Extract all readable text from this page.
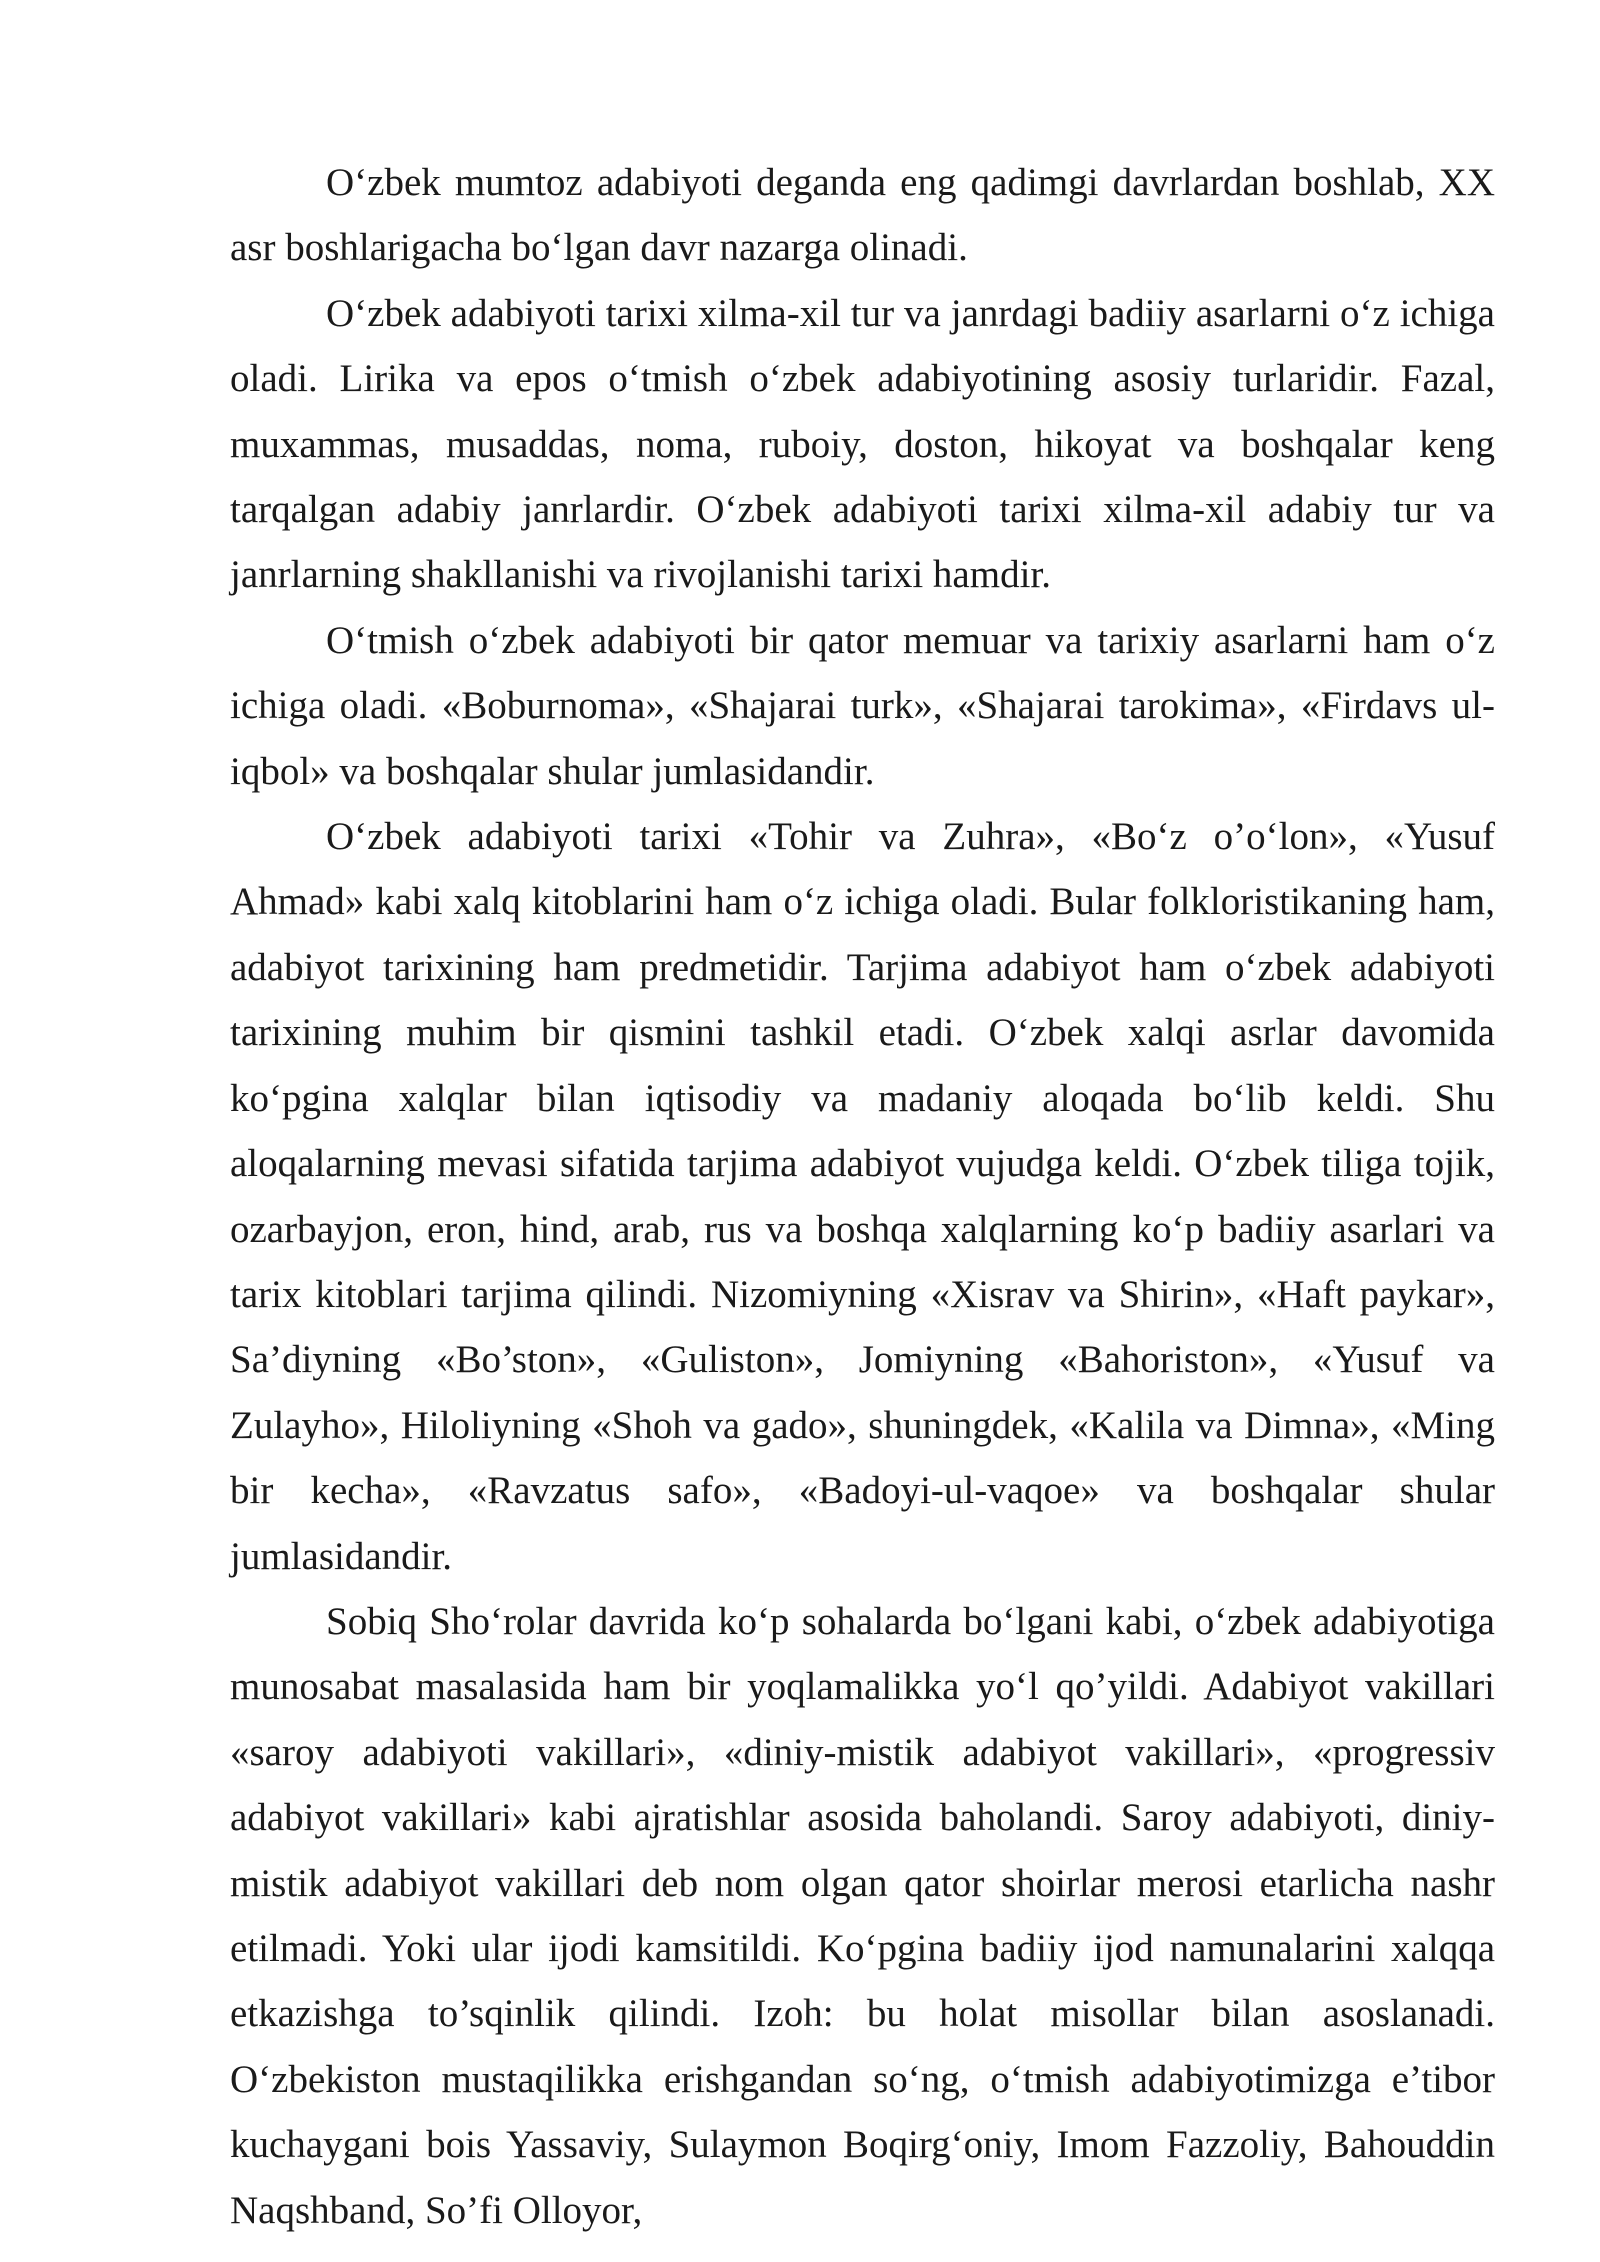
O‘zbek mumtoz adabiyoti deganda eng qadimgi davrlardan boshlab, XX asr boshlarigacha bo‘lgan davr nazarga olinadi.

O‘zbek adabiyoti tarixi xilma-xil tur va janrdagi badiiy asarlarni o‘z ichiga oladi. Lirika va epos o‘tmish o‘zbek adabiyotining asosiy turlaridir. Fazal, muxammas, musaddas, noma, ruboiy, doston, hikoyat va boshqalar keng tarqalgan adabiy janrlardir. O‘zbek adabiyoti tarixi xilma-xil adabiy tur va janrlarning shakllanishi va rivojlanishi tarixi hamdir.

O‘tmish o‘zbek adabiyoti bir qator memuar va tarixiy asarlarni ham o‘z ichiga oladi. «Boburnoma», «Shajarai turk», «Shajarai tarokima», «Firdavs ul-iqbol» va boshqalar shular jumlasidandir.

O‘zbek adabiyoti tarixi «Tohir va Zuhra», «Bo‘z o’o‘lon», «Yusuf Ahmad» kabi xalq kitoblarini ham o‘z ichiga oladi. Bular folkloristikaning ham, adabiyot tarixining ham predmetidir. Tarjima adabiyot ham o‘zbek adabiyoti tarixining muhim bir qismini tashkil etadi. O‘zbek xalqi asrlar davomida ko‘pgina xalqlar bilan iqtisodiy va madaniy aloqada bo‘lib keldi. Shu aloqalarning mevasi sifatida tarjima adabiyot vujudga keldi. O‘zbek tiliga tojik, ozarbayjon, eron, hind, arab, rus va boshqa xalqlarning ko‘p badiiy asarlari va tarix kitoblari tarjima qilindi. Nizomiyning «Xisrav va Shirin», «Haft paykar», Sa’diyning «Bo’ston», «Guliston», Jomiyning «Bahoriston», «Yusuf va Zulayho», Hiloliyning «Shoh va gado», shuningdek, «Kalila va Dimna», «Ming bir kecha», «Ravzatus safo», «Badoyi-ul-vaqoe» va boshqalar shular jumlasidandir.

Sobiq Sho‘rolar davrida ko‘p sohalarda bo‘lgani kabi, o‘zbek adabiyotiga munosabat masalasida ham bir yoqlamalikka yo‘l qo’yildi. Adabiyot vakillari «saroy adabiyoti vakillari», «diniy-mistik adabiyot vakillari», «progressiv adabiyot vakillari» kabi ajratishlar asosida baholandi. Saroy adabiyoti, diniy-mistik adabiyot vakillari deb nom olgan qator shoirlar merosi etarlicha nashr etilmadi. Yoki ular ijodi kamsitildi. Ko‘pgina badiiy ijod namunalarini xalqqa etkazishga to’sqinlik qilindi. Izoh: bu holat misollar bilan asoslanadi. O‘zbekiston mustaqilikka erishgandan so‘ng, o‘tmish adabiyotimizga e’tibor kuchaygani bois Yassaviy, Sulaymon Boqirg‘oniy, Imom Fazzoliy, Bahouddin Naqshband, So’fi Olloyor,
